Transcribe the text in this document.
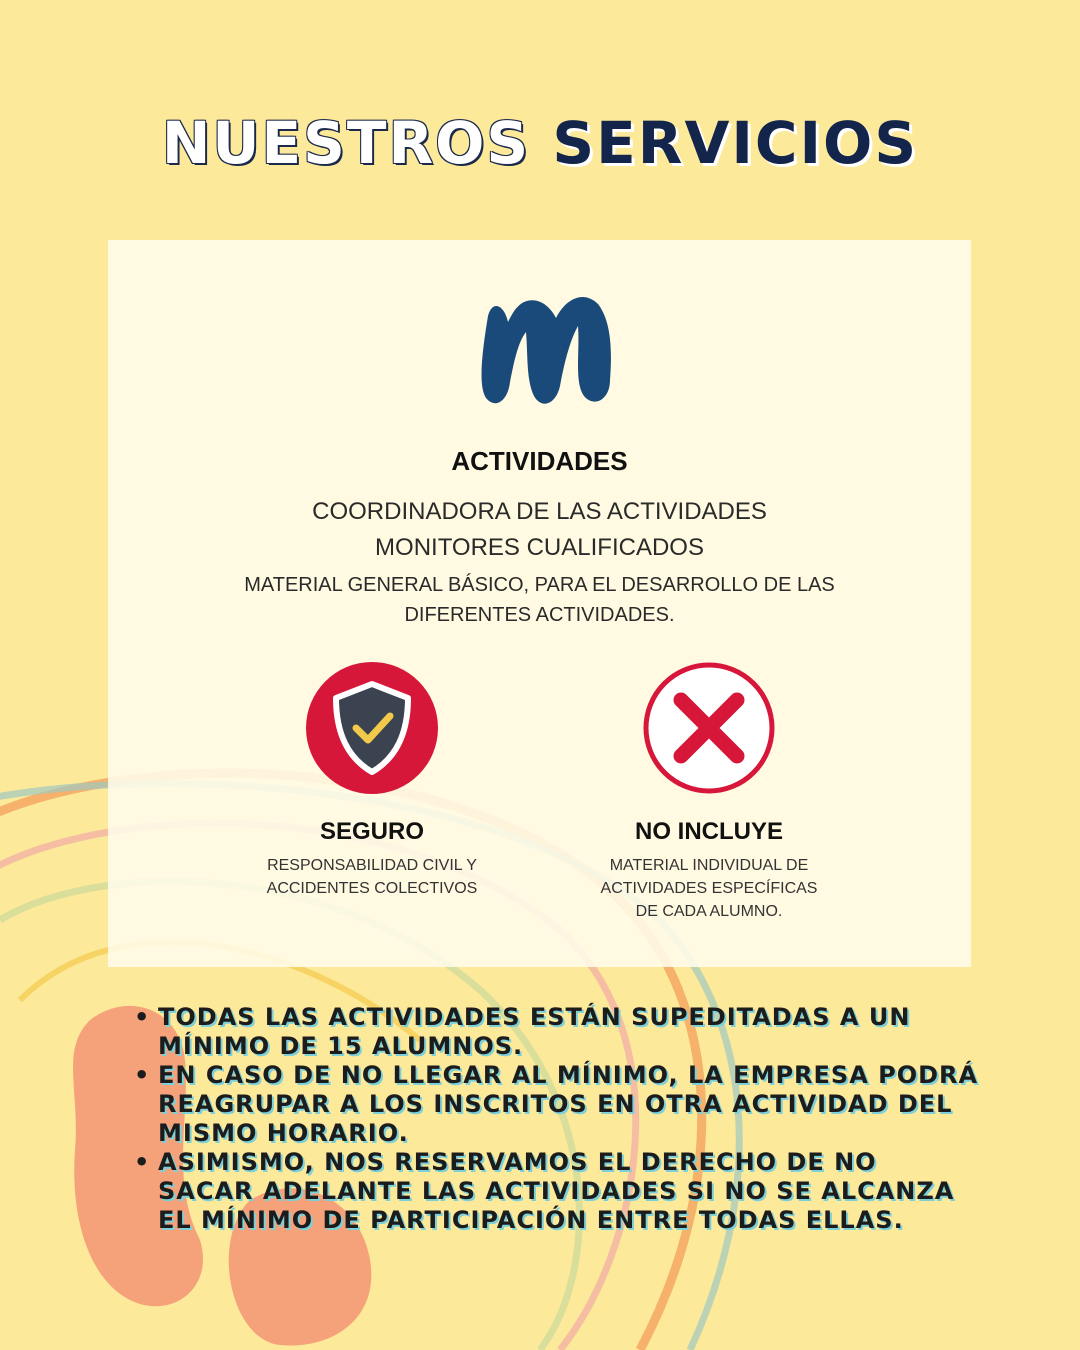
NUESTROS SERVICIOS
ACTIVIDADES
COORDINADORA DE LAS ACTIVIDADES
MONITORES CUALIFICADOS
MATERIAL GENERAL BÁSICO, PARA EL DESARROLLO DE LAS DIFERENTES ACTIVIDADES.
SEGURO
RESPONSABILIDAD CIVIL Y ACCIDENTES COLECTIVOS
NO INCLUYE
MATERIAL INDIVIDUAL DE ACTIVIDADES ESPECÍFICAS DE CADA ALUMNO.
• TODAS LAS ACTIVIDADES ESTÁN SUPEDITADAS A UN MÍNIMO DE 15 ALUMNOS.
• EN CASO DE NO LLEGAR AL MÍNIMO, LA EMPRESA PODRÁ REAGRUPAR A LOS INSCRITOS EN OTRA ACTIVIDAD DEL MISMO HORARIO.
• ASIMISMO, NOS RESERVAMOS EL DERECHO DE NO SACAR ADELANTE LAS ACTIVIDADES SI NO SE ALCANZA EL MÍNIMO DE PARTICIPACIÓN ENTRE TODAS ELLAS.
